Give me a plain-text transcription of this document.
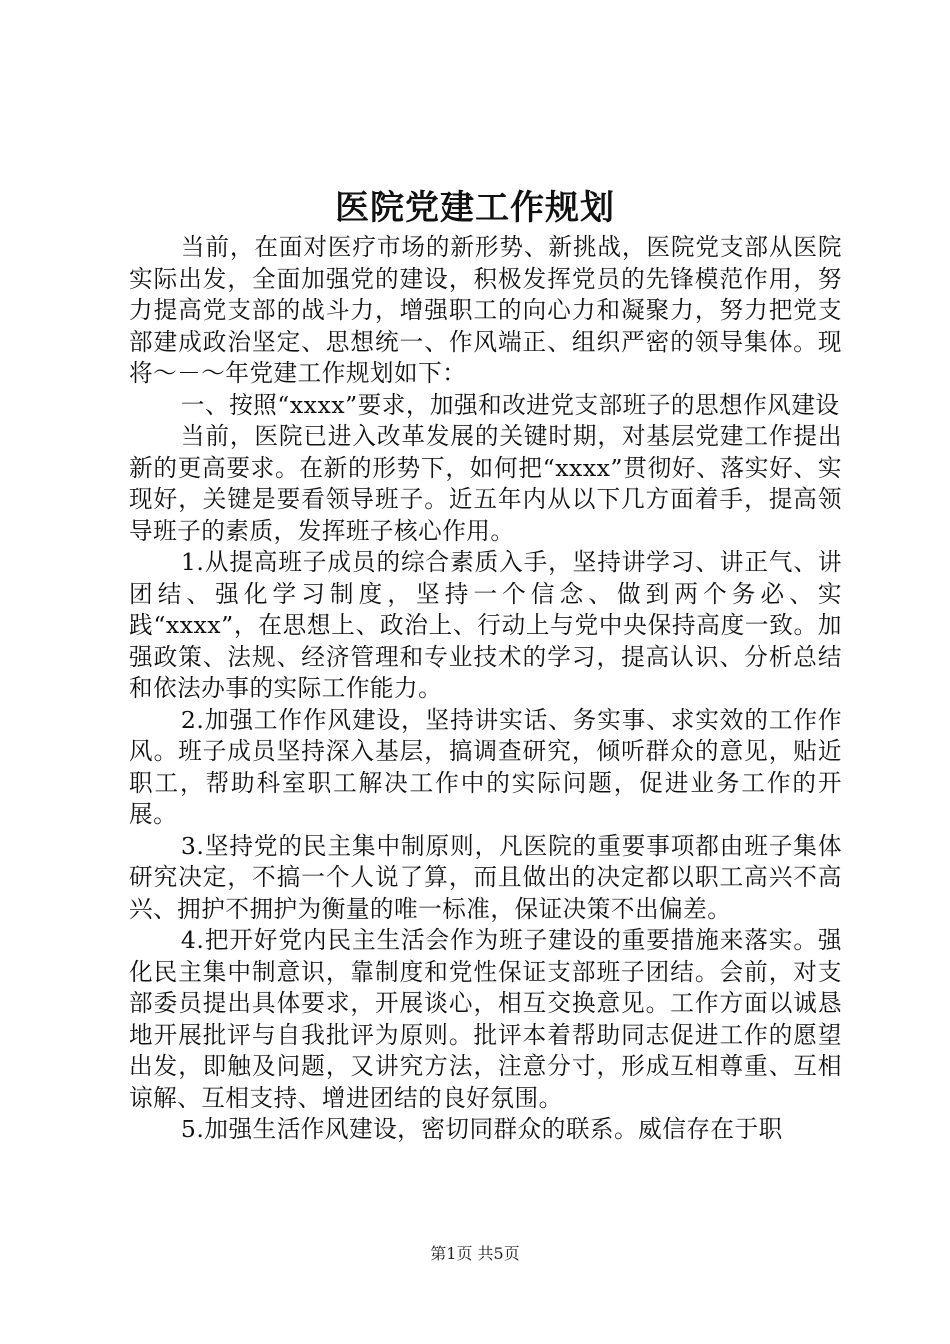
医院党建工作规划

当前，在面对医疗市场的新形势、新挑战，医院党支部从医院实际出发，全面加强党的建设，积极发挥党员的先锋模范作用，努力提高党支部的战斗力，增强职工的向心力和凝聚力，努力把党支部建成政治坚定、思想统一、作风端正、组织严密的领导集体。现将～－～年党建工作规划如下：

一、按照“xxxx”要求，加强和改进党支部班子的思想作风建设

当前，医院已进入改革发展的关键时期，对基层党建工作提出新的更高要求。在新的形势下，如何把“xxxx”贯彻好、落实好、实现好，关键是要看领导班子。近五年内从以下几方面着手，提高领导班子的素质，发挥班子核心作用。

1.从提高班子成员的综合素质入手，坚持讲学习、讲正气、讲团结、强化学习制度，坚持一个信念、做到两个务必、实践“xxxx”，在思想上、政治上、行动上与党中央保持高度一致。加强政策、法规、经济管理和专业技术的学习，提高认识、分析总结和依法办事的实际工作能力。

2.加强工作作风建设，坚持讲实话、务实事、求实效的工作作风。班子成员坚持深入基层，搞调查研究，倾听群众的意见，贴近职工，帮助科室职工解决工作中的实际问题，促进业务工作的开展。

3.坚持党的民主集中制原则，凡医院的重要事项都由班子集体研究决定，不搞一个人说了算，而且做出的决定都以职工高兴不高兴、拥护不拥护为衡量的唯一标准，保证决策不出偏差。

4.把开好党内民主生活会作为班子建设的重要措施来落实。强化民主集中制意识，靠制度和党性保证支部班子团结。会前，对支部委员提出具体要求，开展谈心，相互交换意见。工作方面以诚恳地开展批评与自我批评为原则。批评本着帮助同志促进工作的愿望出发，即触及问题，又讲究方法，注意分寸，形成互相尊重、互相谅解、互相支持、增进团结的良好氛围。

5.加强生活作风建设，密切同群众的联系。威信存在于职

第1页 共5页
